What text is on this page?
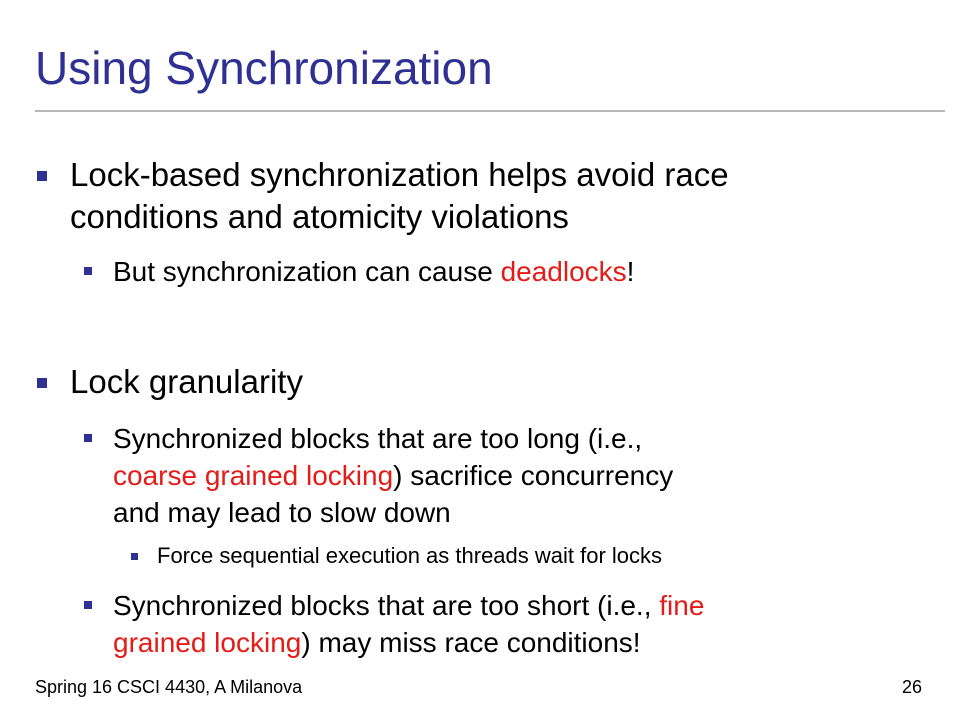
Using Synchronization
Lock-based synchronization helps avoid race
conditions and atomicity violations
But synchronization can cause deadlocks!
Lock granularity
Synchronized blocks that are too long (i.e.,
coarse grained locking) sacrifice concurrency
and may lead to slow down
Force sequential execution as threads wait for locks
Synchronized blocks that are too short (i.e., fine
grained locking) may miss race conditions!
Spring 16 CSCI 4430, A Milanova	26
